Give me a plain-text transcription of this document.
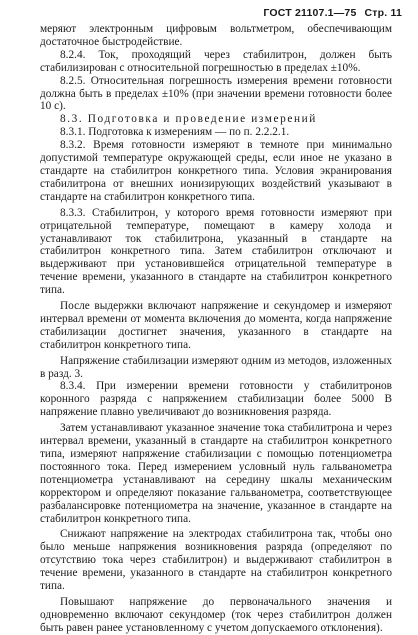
ГОСТ 21107.1—75 Стр. 11

меряют электронным цифровым вольтметром, обеспечивающим достаточное быстродействие.

8.2.4. Ток, проходящий через стабилитрон, должен быть стабилизирован с относительной погрешностью в пределах ±10%.

8.2.5. Относительная погрешность измерения времени готовности должна быть в пределах ±10% (при значении времени готовности более 10 с).

8.3. Подготовка и проведение измерений

8.3.1. Подготовка к измерениям — по п. 2.2.2.1.

8.3.2. Время готовности измеряют в темноте при минимально допустимой температуре окружающей среды, если иное не указано в стандарте на стабилитрон конкретного типа. Условия экранирования стабилитрона от внешних ионизирующих воздействий указывают в стандарте на стабилитрон конкретного типа.

8.3.3. Стабилитрон, у которого время готовности измеряют при отрицательной температуре, помещают в камеру холода и устанавливают ток стабилитрона, указанный в стандарте на стабилитрон конкретного типа. Затем стабилитрон отключают и выдерживают при установившейся отрицательной температуре в течение времени, указанного в стандарте на стабилитрон конкретного типа.

После выдержки включают напряжение и секундомер и измеряют интервал времени от момента включения до момента, когда напряжение стабилизации достигнет значения, указанного в стандарте на стабилитрон конкретного типа.

Напряжение стабилизации измеряют одним из методов, изложенных в разд. 3.

8.3.4. При измерении времени готовности у стабилитронов коронного разряда с напряжением стабилизации более 5000 В напряжение плавно увеличивают до возникновения разряда.

Затем устанавливают указанное значение тока стабилитрона и через интервал времени, указанный в стандарте на стабилитрон конкретного типа, измеряют напряжение стабилизации с помощью потенциометра постоянного тока. Перед измерением условный нуль гальванометра потенциометра устанавливают на середину шкалы механическим корректором и определяют показание гальванометра, соответствующее разбалансировке потенциометра на значение, указанное в стандарте на стабилитрон конкретного типа.

Снижают напряжение на электродах стабилитрона так, чтобы оно было меньше напряжения возникновения разряда (определяют по отсутствию тока через стабилитрон) и выдерживают стабилитрон в течение времени, указанного в стандарте на стабилитрон конкретного типа.

Повышают напряжение до первоначального значения и одновременно включают секундомер (ток через стабилитрон должен быть равен ранее установленному с учетом допускаемого отклонения).
